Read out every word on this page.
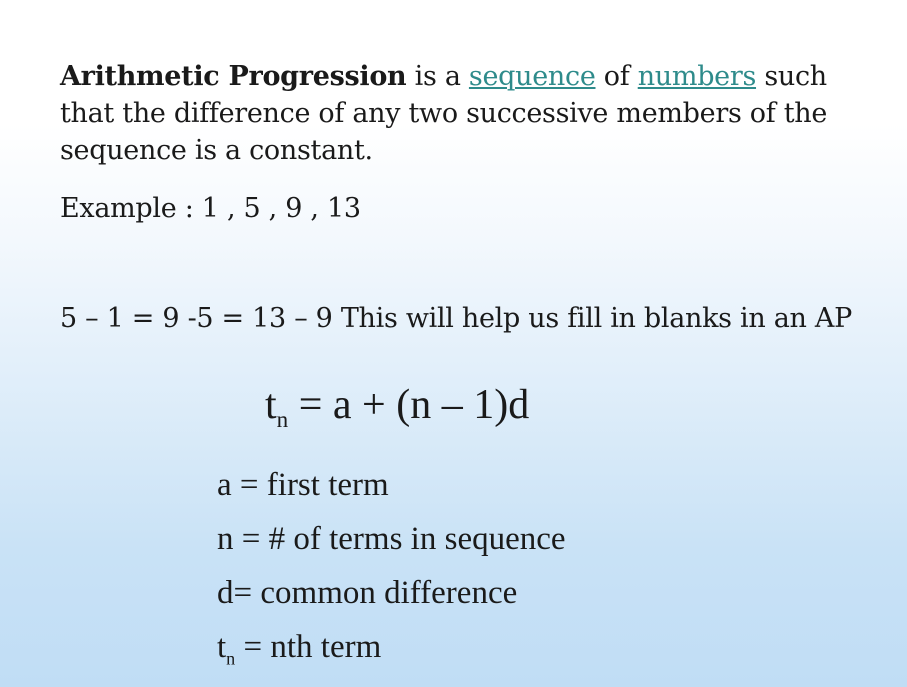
Arithmetic Progression is a sequence of numbers such that the difference of any two successive members of the sequence is a constant.
Example : 1 , 5 , 9 , 13
5 – 1 = 9 -5 = 13 – 9 This will help us fill in blanks in an AP
$t_n = a + (n - 1)d$
a = first term
n = # of terms in sequence
d= common difference
$t_n$ = nth term
